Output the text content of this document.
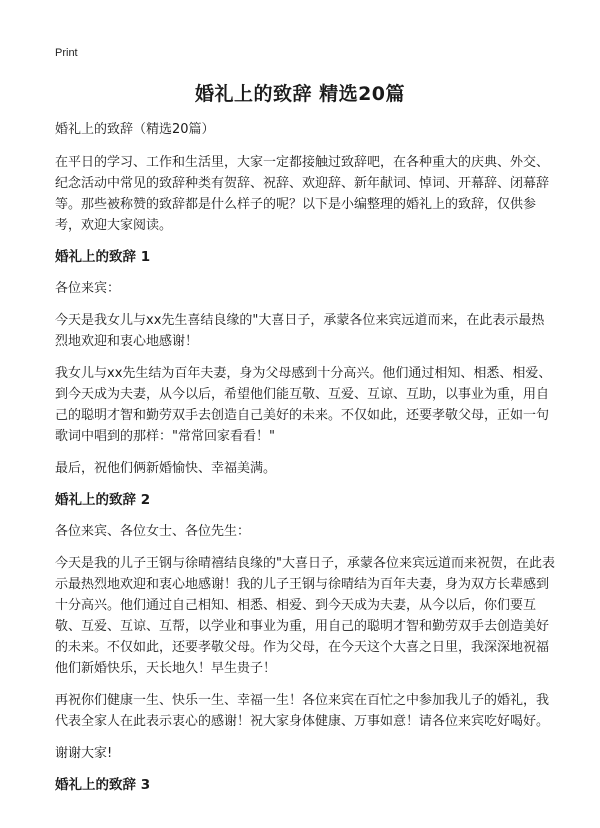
Print
婚礼上的致辞 精选20篇
婚礼上的致辞（精选20篇）
在平日的学习、工作和生活里，大家一定都接触过致辞吧，在各种重大的庆典、外交、纪念活动中常见的致辞种类有贺辞、祝辞、欢迎辞、新年献词、悼词、开幕辞、闭幕辞等。那些被称赞的致辞都是什么样子的呢？以下是小编整理的婚礼上的致辞，仅供参考，欢迎大家阅读。
婚礼上的致辞 1
各位来宾：
今天是我女儿与xx先生喜结良缘的"大喜日子，承蒙各位来宾远道而来，在此表示最热烈地欢迎和衷心地感谢！
我女儿与xx先生结为百年夫妻，身为父母感到十分高兴。他们通过相知、相悉、相爱、到今天成为夫妻，从今以后，希望他们能互敬、互爱、互谅、互助，以事业为重，用自己的聪明才智和勤劳双手去创造自己美好的未来。不仅如此，还要孝敬父母，正如一句歌词中唱到的那样："常常回家看看！"
最后，祝他们俩新婚愉快、幸福美满。
婚礼上的致辞 2
各位来宾、各位女士、各位先生：
今天是我的儿子王钢与徐晴禧结良缘的"大喜日子，承蒙各位来宾远道而来祝贺，在此表示最热烈地欢迎和衷心地感谢！我的儿子王钢与徐晴结为百年夫妻，身为双方长辈感到十分高兴。他们通过自己相知、相悉、相爱、到今天成为夫妻，从今以后，你们要互敬、互爱、互谅、互帮，以学业和事业为重，用自己的聪明才智和勤劳双手去创造美好的未来。不仅如此，还要孝敬父母。作为父母，在今天这个大喜之日里，我深深地祝福他们新婚快乐，天长地久！早生贵子！
再祝你们健康一生、快乐一生、幸福一生！各位来宾在百忙之中参加我儿子的婚礼，我代表全家人在此表示衷心的感谢！祝大家身体健康、万事如意！请各位来宾吃好喝好。
谢谢大家!
婚礼上的致辞 3
